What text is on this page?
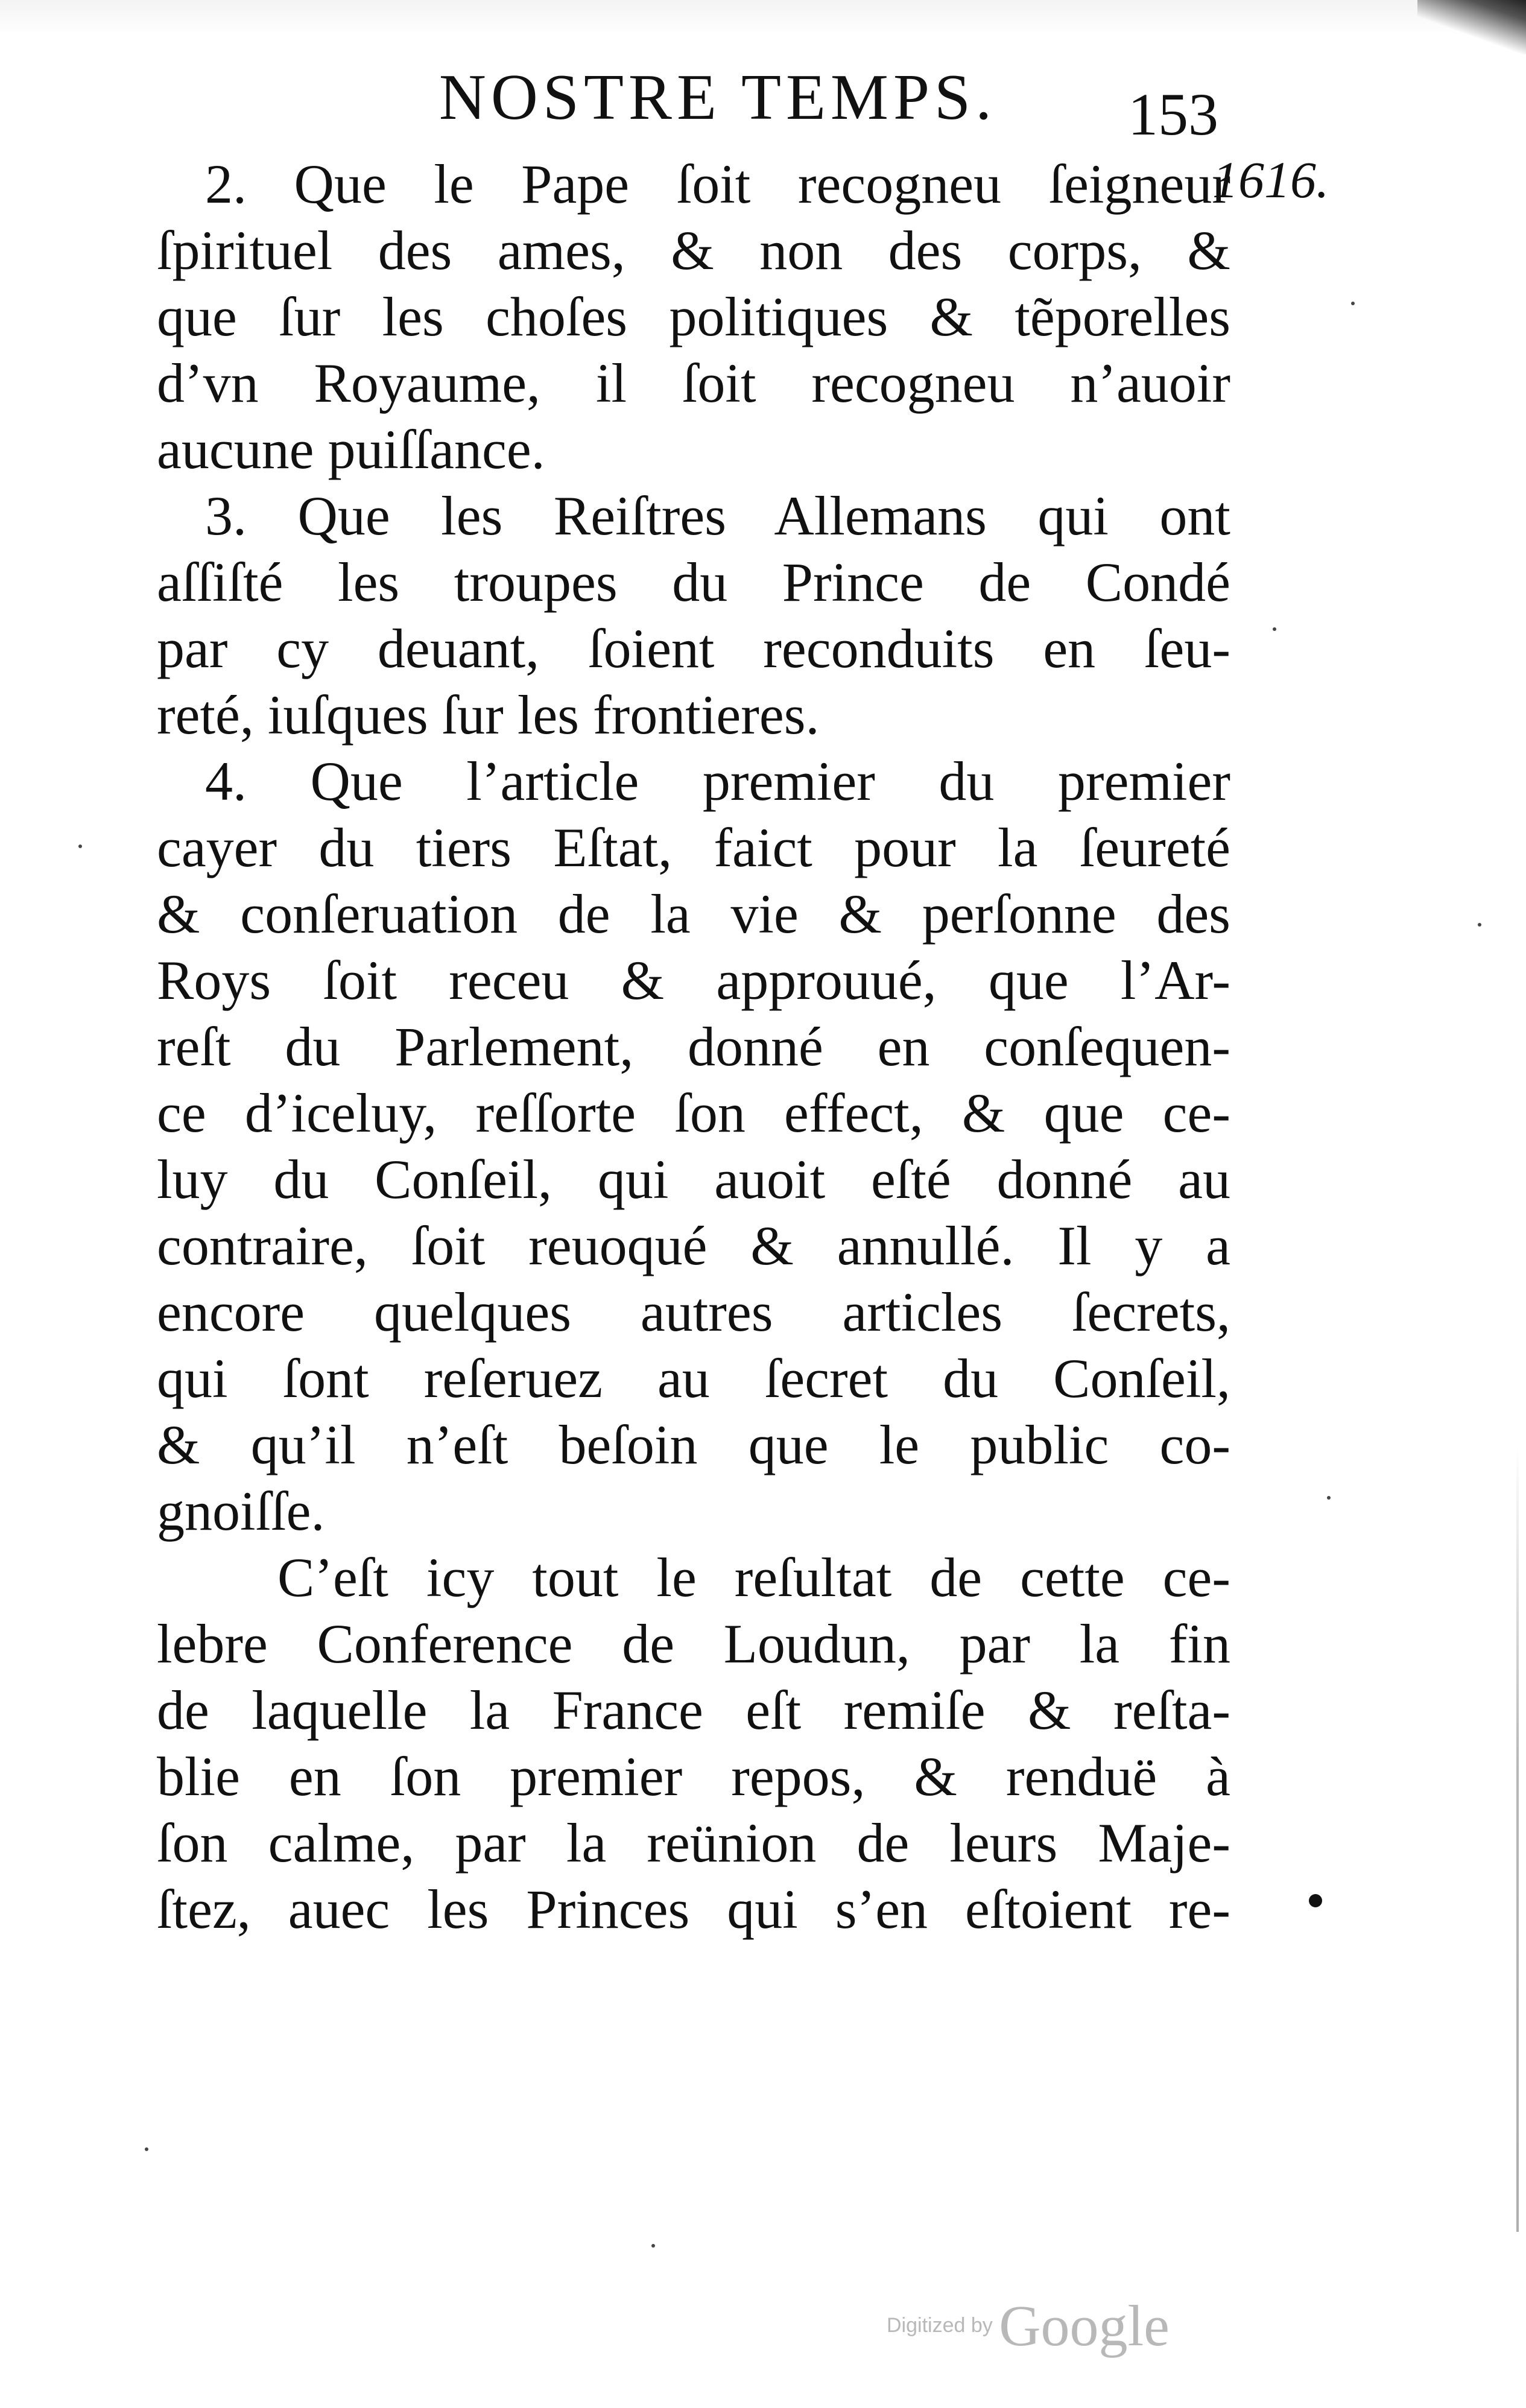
NOSTRE TEMPS.	153
1616.
2. Que le Pape ſoit recogneu ſeigneur
ſpirituel des ames, & non des corps, &
que ſur les choſes politiques & tẽporelles
d’vn Royaume, il ſoit recogneu n’auoir
aucune puiſſance.
3. Que les Reiſtres Allemans qui ont
aſſiſté les troupes du Prince de Condé
par cy deuant, ſoient reconduits en ſeu-
reté, iuſques ſur les frontieres.
4. Que l’article premier du premier
cayer du tiers Eſtat, faict pour la ſeureté
& conſeruation de la vie & perſonne des
Roys ſoit receu & approuué, que l’Ar-
reſt du Parlement, donné en conſequen-
ce d’iceluy, reſſorte ſon effect, & que ce-
luy du Conſeil, qui auoit eſté donné au
contraire, ſoit reuoqué & annullé. Il y a
encore quelques autres articles ſecrets,
qui ſont reſeruez au ſecret du Conſeil,
& qu’il n’eſt beſoin que le public co-
gnoiſſe.
C’eſt icy tout le reſultat de cette ce-
lebre Conference de Loudun, par la fin
de laquelle la France eſt remiſe & reſta-
blie en ſon premier repos, & renduë à
ſon calme, par la reünion de leurs Maje-
ſtez, auec les Princes qui s’en eſtoient re-
Digitized by Google
